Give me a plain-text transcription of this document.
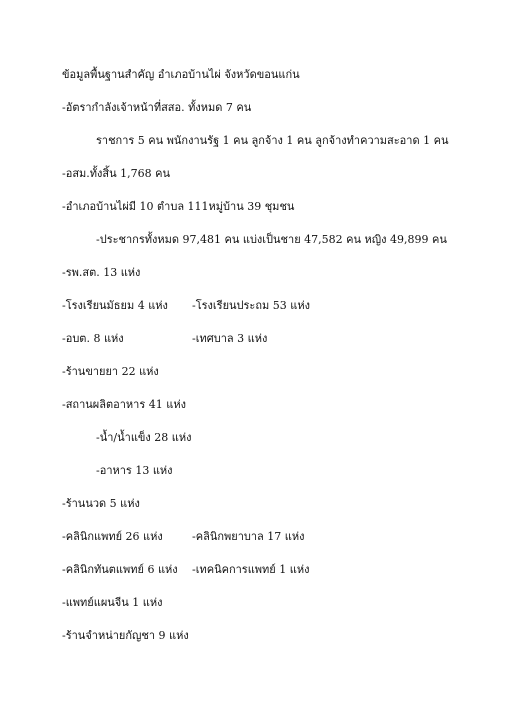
ข้อมูลพื้นฐานสำคัญ อำเภอบ้านไผ่ จังหวัดขอนแก่น
-อัตรากำลังเจ้าหน้าที่สสอ. ทั้งหมด 7 คน
ราชการ 5 คน พนักงานรัฐ 1 คน ลูกจ้าง 1 คน ลูกจ้างทำความสะอาด 1 คน
-อสม.ทั้งสิ้น 1,768 คน
-อำเภอบ้านไผ่มี 10 ตำบล 111หมู่บ้าน 39 ชุมชน
-ประชากรทั้งหมด 97,481 คน แบ่งเป็นชาย 47,582 คน หญิง 49,899 คน
-รพ.สต. 13 แห่ง
-โรงเรียนมัธยม 4 แห่ง -โรงเรียนประถม 53 แห่ง
-อบต. 8 แห่ง	-เทศบาล 3 แห่ง
-ร้านขายยา 22 แห่ง
-สถานผลิตอาหาร 41 แห่ง
-น้ำ/น้ำแข็ง 28 แห่ง
-อาหาร 13 แห่ง
-ร้านนวด 5 แห่ง
-คลินิกแพทย์ 26 แห่ง	-คลินิกพยาบาล 17 แห่ง
-คลินิกทันตแพทย์ 6 แห่ง -เทคนิคการแพทย์ 1 แห่ง
-แพทย์แผนจีน 1 แห่ง
-ร้านจำหน่ายกัญชา 9 แห่ง
